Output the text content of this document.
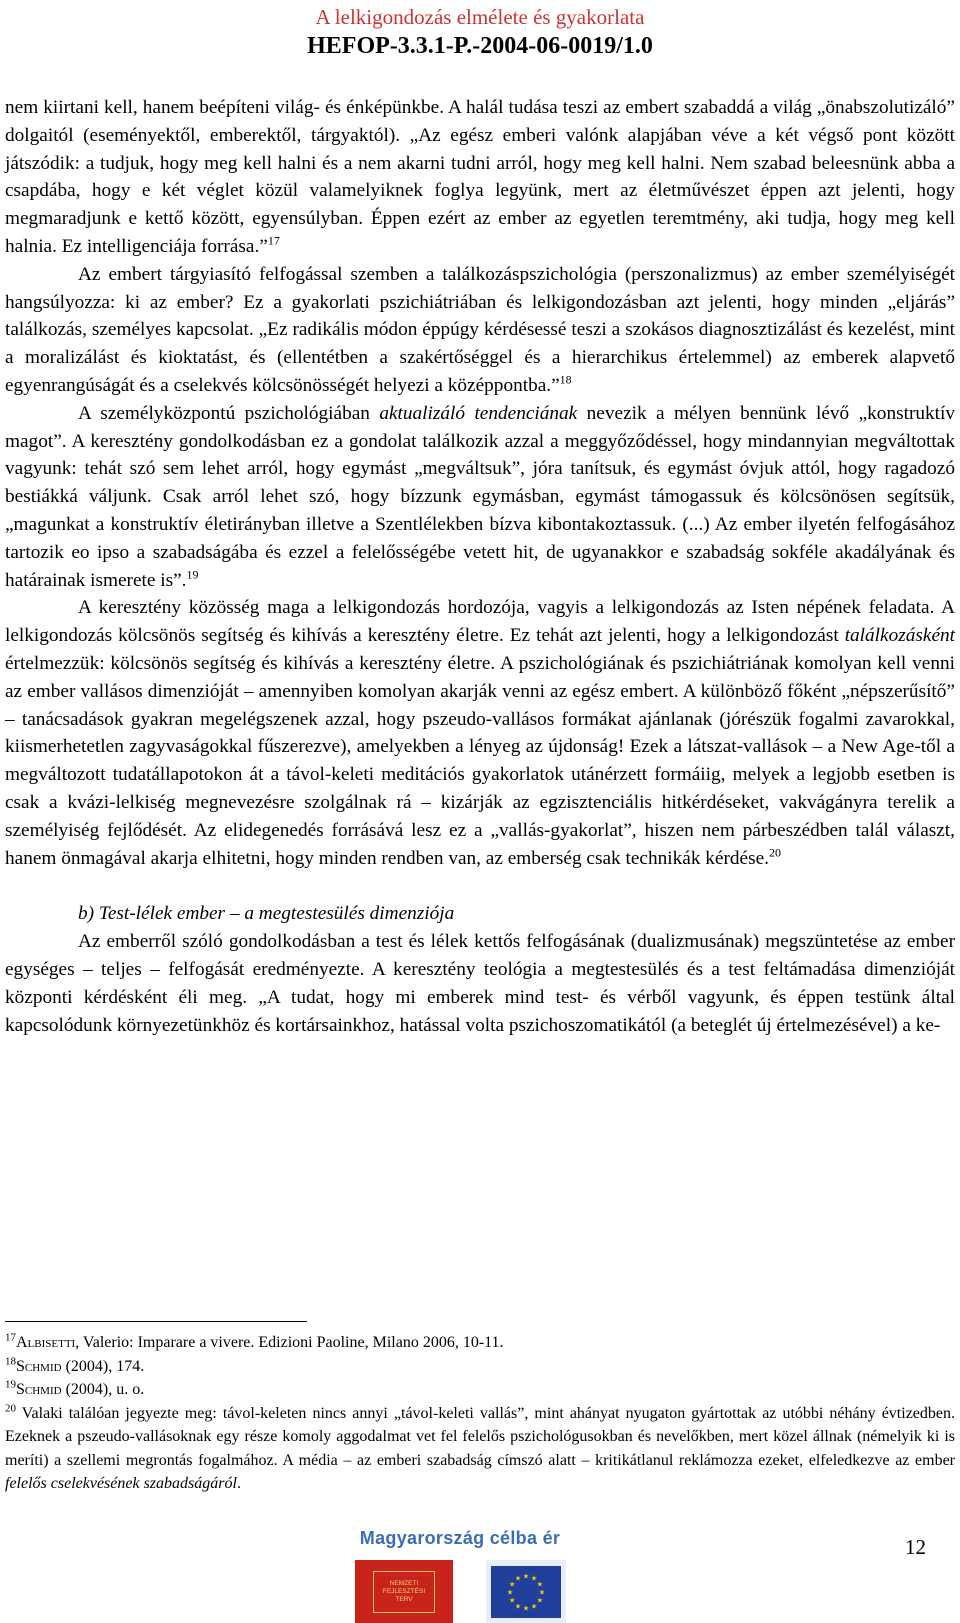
A lelkigondozás elmélete és gyakorlata
HEFOP-3.3.1-P.-2004-06-0019/1.0

nem kiirtani kell, hanem beépíteni világ- és énképünkbe. A halál tudása teszi az embert szabaddá a világ „önabszolutizáló” dolgaitól (eseményektől, emberektől, tárgyaktól). „Az egész emberi valónk alapjában véve a két végső pont között játszódik: a tudjuk, hogy meg kell halni és a nem akarni tudni arról, hogy meg kell halni. Nem szabad beleesnünk abba a csapdába, hogy e két véglet közül valamelyiknek foglya legyünk, mert az életművészet éppen azt jelenti, hogy megmaradjunk e kettő között, egyensúlyban. Éppen ezért az ember az egyetlen teremtmény, aki tudja, hogy meg kell halnia. Ez intelligenciája forrása.”$^{17}$

Az embert tárgyiasító felfogással szemben a találkozáspszichológia (perszonalizmus) az ember személyiségét hangsúlyozza: ki az ember? Ez a gyakorlati pszichiátriában és lelkigondozásban azt jelenti, hogy minden „eljárás” találkozás, személyes kapcsolat. „Ez radikális módon éppúgy kérdésessé teszi a szokásos diagnosztizálást és kezelést, mint a moralizálást és kioktatást, és (ellentétben a szakértőséggel és a hierarchikus értelemmel) az emberek alapvető egyenrangúságát és a cselekvés kölcsönösségét helyezi a középpontba.”$^{18}$

A személyközpontú pszichológiában aktualizáló tendenciának nevezik a mélyen bennünk lévő „konstruktív magot”. A keresztény gondolkodásban ez a gondolat találkozik azzal a meggyőződéssel, hogy mindannyian megváltottak vagyunk: tehát szó sem lehet arról, hogy egymást „megváltsuk”, jóra tanítsuk, és egymást óvjuk attól, hogy ragadozó bestiákká váljunk. Csak arról lehet szó, hogy bízzunk egymásban, egymást támogassuk és kölcsönösen segítsük, „magunkat a konstruktív életirányban illetve a Szentlélekben bízva kibontakoztassuk. (...) Az ember ilyetén felfogásához tartozik eo ipso a szabadságába és ezzel a felelősségébe vetett hit, de ugyanakkor e szabadság sokféle akadályának és határainak ismerete is”.$^{19}$

A keresztény közösség maga a lelkigondozás hordozója, vagyis a lelkigondozás az Isten népének feladata. A lelkigondozás kölcsönös segítség és kihívás a keresztény életre. Ez tehát azt jelenti, hogy a lelkigondozást találkozásként értelmezzük: kölcsönös segítség és kihívás a keresztény életre. A pszichológiának és pszichiátriának komolyan kell venni az ember vallásos dimenzióját – amennyiben komolyan akarják venni az egész embert. A különböző főként „népszerűsítő” – tanácsadások gyakran megelégszenek azzal, hogy pszeudo-vallásos formákat ajánlanak (jórészük fogalmi zavarokkal, kiismerhetetlen zagyvaságokkal fűszerezve), amelyekben a lényeg az újdonság! Ezek a látszat-vallások – a New Age-től a megváltozott tudatállapotokon át a távol-keleti meditációs gyakorlatok utánérzett formáiig, melyek a legjobb esetben is csak a kvázi-lelkiség megnevezésre szolgálnak rá – kizárják az egzisztenciális hitkérdéseket, vakvágányra terelik a személyiség fejlődését. Az elidegenedés forrásává lesz ez a „vallás-gyakorlat”, hiszen nem párbeszédben talál választ, hanem önmagával akarja elhitetni, hogy minden rendben van, az emberség csak technikák kérdése.$^{20}$

b) Test-lélek ember – a megtestesülés dimenziója

Az emberről szóló gondolkodásban a test és lélek kettős felfogásának (dualizmusának) megszüntetése az ember egységes – teljes – felfogását eredményezte. A keresztény teológia a megtestesülés és a test feltámadása dimenzióját központi kérdésként éli meg. „A tudat, hogy mi emberek mind test- és vérből vagyunk, és éppen testünk által kapcsolódunk környezetünkhöz és kortársainkhoz, hatással volta pszichoszomatikától (a beteglét új értelmezésével) a ke-

$^{17}$Albisetti, Valerio: Imparare a vivere. Edizioni Paoline, Milano 2006, 10-11.

$^{18}$Schmid (2004), 174.

$^{19}$Schmid (2004), u. o.

$^{20}$ Valaki találóan jegyezte meg: távol-keleten nincs annyi „távol-keleti vallás”, mint ahányat nyugaton gyártottak az utóbbi néhány évtizedben. Ezeknek a pszeudo-vallásoknak egy része komoly aggodalmat vet fel felelős pszichológusokban és nevelőkben, mert közel állnak (némelyik ki is meríti) a szellemi megrontás fogalmához. A média – az emberi szabadság címszó alatt – kritikátlanul reklámozza ezeket, elfeledkezve az ember felelős cselekvésének szabadságáról.

Magyarország célba ér
NEMZETI FEJLESZTÉSI TERV
★ ★
★
★
★
★
★
★
★
★
★
★
12
